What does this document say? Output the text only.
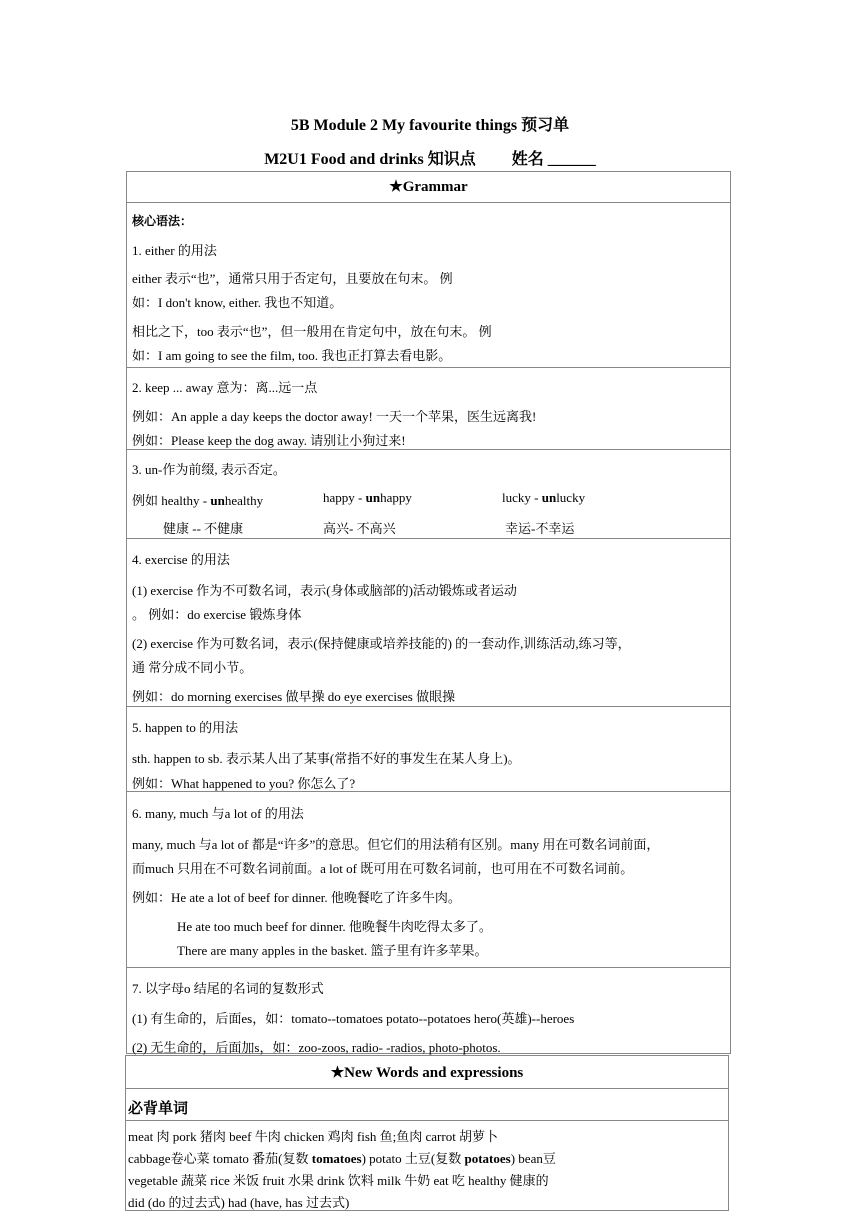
5B Module 2 My favourite things 预习单
M2U1 Food and drinks 知识点 姓名 ______
★Grammar
核心语法：
1. either 的用法
either 表示“也”，通常只用于否定句，且要放在句末。 例
如：I don't know, either. 我也不知道。
相比之下，too 表示“也”，但一般用在肯定句中，放在句末。 例
如：I am going to see the film, too. 我也正打算去看电影。
2. keep ... away 意为：离...远一点
例如：An apple a day keeps the doctor away! 一天一个苹果，医生远离我!
例如：Please keep the dog away. 请别让小狗过来!
3. un-作为前缀, 表示否定。
例如 healthy - unhealthy	happy - unhappy	lucky - unlucky
健康 -- 不健康	高兴- 不高兴	幸运-不幸运
4. exercise 的用法
(1) exercise 作为不可数名词，表示(身体或脑部的)活动锻炼或者运动
。 例如：do exercise 锻炼身体
(2) exercise 作为可数名词，表示(保持健康或培养技能的) 的一套动作,训练活动,练习等，
通 常分成不同小节。
例如：do morning exercises 做早操 do eye exercises 做眼操
5. happen to 的用法
sth. happen to sb. 表示某人出了某事(常指不好的事发生在某人身上)。
例如：What happened to you? 你怎么了?
6. many, much 与a lot of 的用法
many, much 与a lot of 都是“许多”的意思。但它们的用法稍有区别。many 用在可数名词前面，
而much 只用在不可数名词前面。a lot of 既可用在可数名词前，也可用在不可数名词前。
例如：He ate a lot of beef for dinner. 他晚餐吃了许多牛肉。
He ate too much beef for dinner. 他晚餐牛肉吃得太多了。
There are many apples in the basket. 篮子里有许多苹果。
7. 以字母o 结尾的名词的复数形式
(1) 有生命的，后面es，如：tomato--tomatoes potato--potatoes hero(英雄)--heroes
(2) 无生命的，后面加s，如：zoo-zoos, radio- -radios, photo-photos.
★New Words and expressions
必背单词
meat 肉 pork 猪肉 beef 牛肉 chicken 鸡肉 fish 鱼;鱼肉 carrot 胡萝卜
cabbage卷心菜 tomato 番茄(复数 tomatoes) potato 土豆(复数 potatoes) bean豆
vegetable 蔬菜 rice 米饭 fruit 水果 drink 饮料 milk 牛奶 eat 吃 healthy 健康的
did (do 的过去式) had (have, has 过去式)
